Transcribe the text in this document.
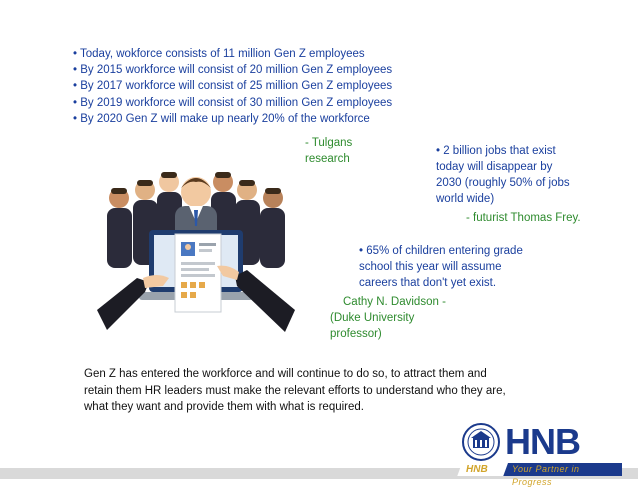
• Today, wokforce consists of 11 million Gen Z employees
• By 2015 workforce will consist of 20 million Gen Z employees
• By 2017 workforce will consist of 25 million Gen Z employees
• By 2019 workforce will consist of 30 million Gen Z employees
• By 2020 Gen Z will make up nearly 20% of the workforce
- Tulgans
research
• 2 billion jobs that exist
today will disappear by
2030 (roughly 50% of jobs
world wide)
- futurist Thomas Frey.
• 65% of children entering grade
school this year will assume
careers that don't yet exist.
Cathy N. Davidson -
(Duke University
professor)
Gen Z has entered the workforce and will continue to do so, to attract them and
retain them HR leaders must make the relevant efforts to understand who they are,
what they want and provide them with what is required.
HNB
HNB	Your Partner in Progress
